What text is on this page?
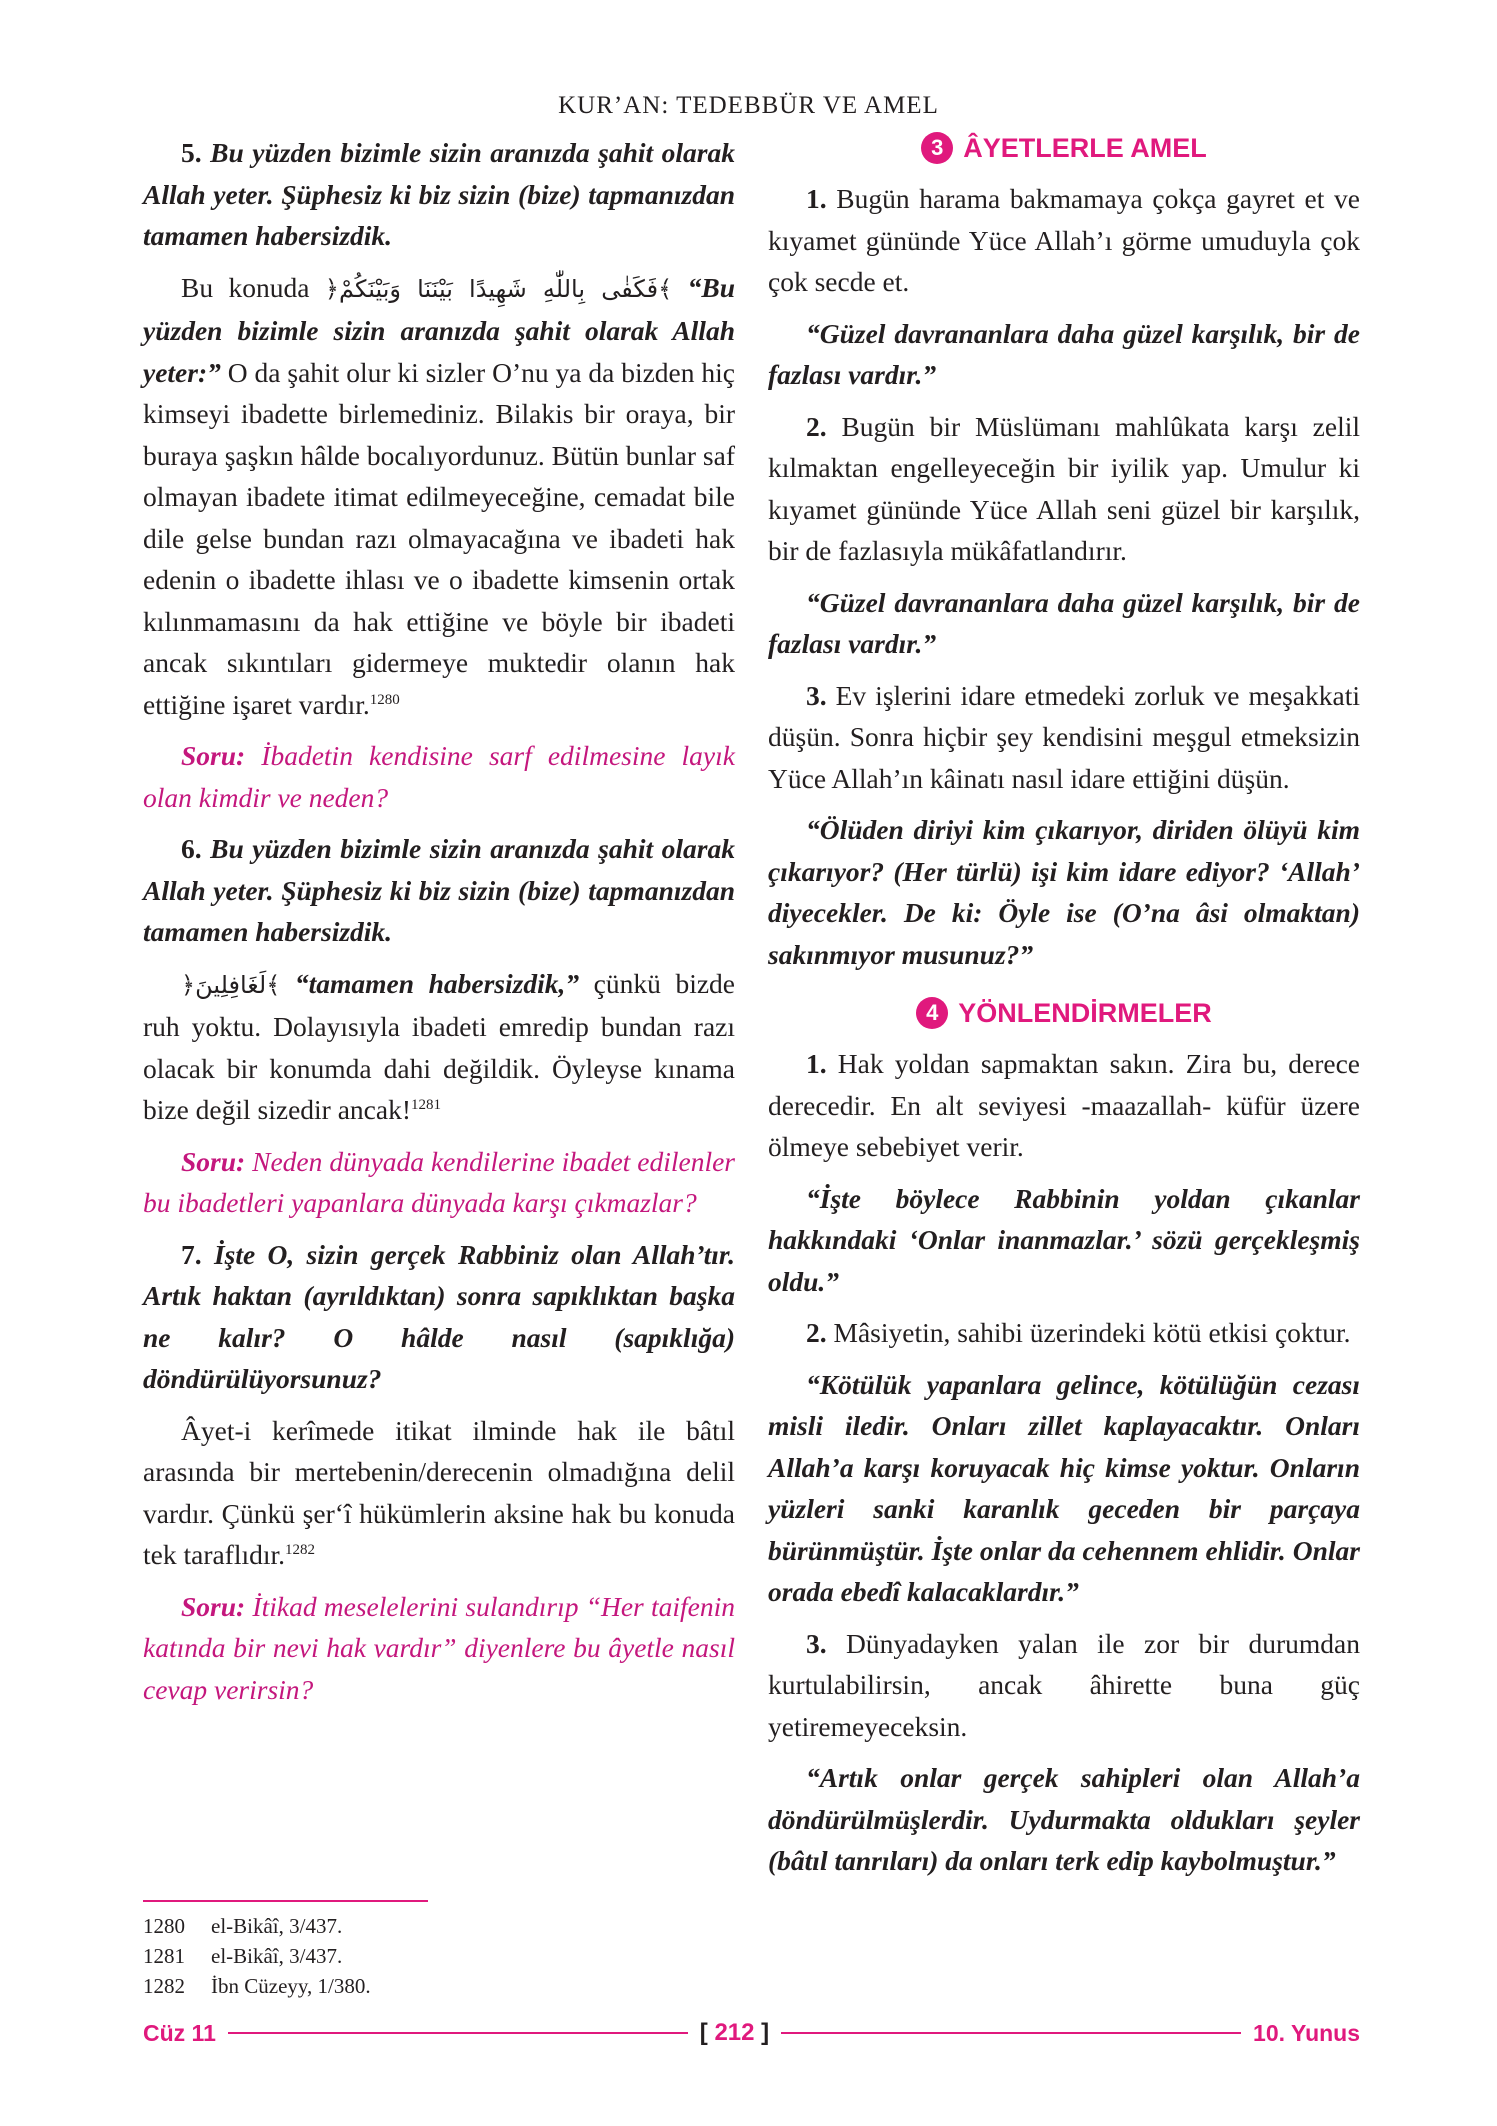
KUR’AN: TEDEBBÜR VE AMEL

5. Bu yüzden bizimle sizin aranızda şahit olarak Allah yeter. Şüphesiz ki biz sizin (bize) tapmanızdan tamamen habersizdik.

Bu konuda ﴿فَكَفٰى بِاللّٰهِ شَهِيدًا بَيْنَنَا وَبَيْنَكُمْ﴾ “Bu yüzden bizimle sizin aranızda şahit olarak Allah yeter:” O da şahit olur ki sizler O’nu ya da bizden hiç kimseyi ibadette birlemediniz. Bilakis bir oraya, bir buraya şaşkın hâlde bocalıyordunuz. Bütün bunlar saf olmayan ibadete itimat edilmeyeceğine, cemadat bile dile gelse bundan razı olmayacağına ve ibadeti hak edenin o ibadette ihlası ve o ibadette kimsenin ortak kılınmamasını da hak ettiğine ve böyle bir ibadeti ancak sıkıntıları gidermeye muktedir olanın hak ettiğine işaret vardır.$^{1280}$

Soru: İbadetin kendisine sarf edilmesine layık olan kimdir ve neden?

6. Bu yüzden bizimle sizin aranızda şahit olarak Allah yeter. Şüphesiz ki biz sizin (bize) tapmanızdan tamamen habersizdik.

﴿لَغَافِلِينَ﴾ “tamamen habersizdik,” çünkü bizde ruh yoktu. Dolayısıyla ibadeti emredip bundan razı olacak bir konumda dahi değildik. Öyleyse kınama bize değil sizedir ancak!$^{1281}$

Soru: Neden dünyada kendilerine ibadet edilenler bu ibadetleri yapanlara dünyada karşı çıkmazlar?

7. İşte O, sizin gerçek Rabbiniz olan Allah’tır. Artık haktan (ayrıldıktan) sonra sapıklıktan başka ne kalır? O hâlde nasıl (sapıklığa) döndürülüyorsunuz?

Âyet-i kerîmede itikat ilminde hak ile bâtıl arasında bir mertebenin/derecenin olmadığına delil vardır. Çünkü şer‘î hükümlerin aksine hak bu konuda tek taraflıdır.$^{1282}$

Soru: İtikad meselelerini sulandırıp “Her taifenin katında bir nevi hak vardır” diyenlere bu âyetle nasıl cevap verirsin?

3 ÂYETLERLE AMEL

1. Bugün harama bakmamaya çokça gayret et ve kıyamet gününde Yüce Allah’ı görme umuduyla çok çok secde et.

“Güzel davrananlara daha güzel karşılık, bir de fazlası vardır.”

2. Bugün bir Müslümanı mahlûkata karşı zelil kılmaktan engelleyeceğin bir iyilik yap. Umulur ki kıyamet gününde Yüce Allah seni güzel bir karşılık, bir de fazlasıyla mükâfatlandırır.

“Güzel davrananlara daha güzel karşılık, bir de fazlası vardır.”

3. Ev işlerini idare etmedeki zorluk ve meşakkati düşün. Sonra hiçbir şey kendisini meşgul etmeksizin Yüce Allah’ın kâinatı nasıl idare ettiğini düşün.

“Ölüden diriyi kim çıkarıyor, diriden ölüyü kim çıkarıyor? (Her türlü) işi kim idare ediyor? ‘Allah’ diyecekler. De ki: Öyle ise (O’na âsi olmaktan) sakınmıyor musunuz?”

4 YÖNLENDİRMELER

1. Hak yoldan sapmaktan sakın. Zira bu, derece derecedir. En alt seviyesi -maazallah- küfür üzere ölmeye sebebiyet verir.

“İşte böylece Rabbinin yoldan çıkanlar hakkındaki ‘Onlar inanmazlar.’ sözü gerçekleşmiş oldu.”

2. Mâsiyetin, sahibi üzerindeki kötü etkisi çoktur.

“Kötülük yapanlara gelince, kötülüğün cezası misli iledir. Onları zillet kaplayacaktır. Onları Allah’a karşı koruyacak hiç kimse yoktur. Onların yüzleri sanki karanlık geceden bir parçaya bürünmüştür. İşte onlar da cehennem ehlidir. Onlar orada ebedî kalacaklardır.”

3. Dünyadayken yalan ile zor bir durumdan kurtulabilirsin, ancak âhirette buna güç yetiremeyeceksin.

“Artık onlar gerçek sahipleri olan Allah’a döndürülmüşlerdir. Uydurmakta oldukları şeyler (bâtıl tanrıları) da onları terk edip kaybolmuştur.”

1280 el-Bikâî, 3/437.
1281 el-Bikâî, 3/437.
1282 İbn Cüzeyy, 1/380.
Cüz 11	[ 212 ]	10. Yunus
